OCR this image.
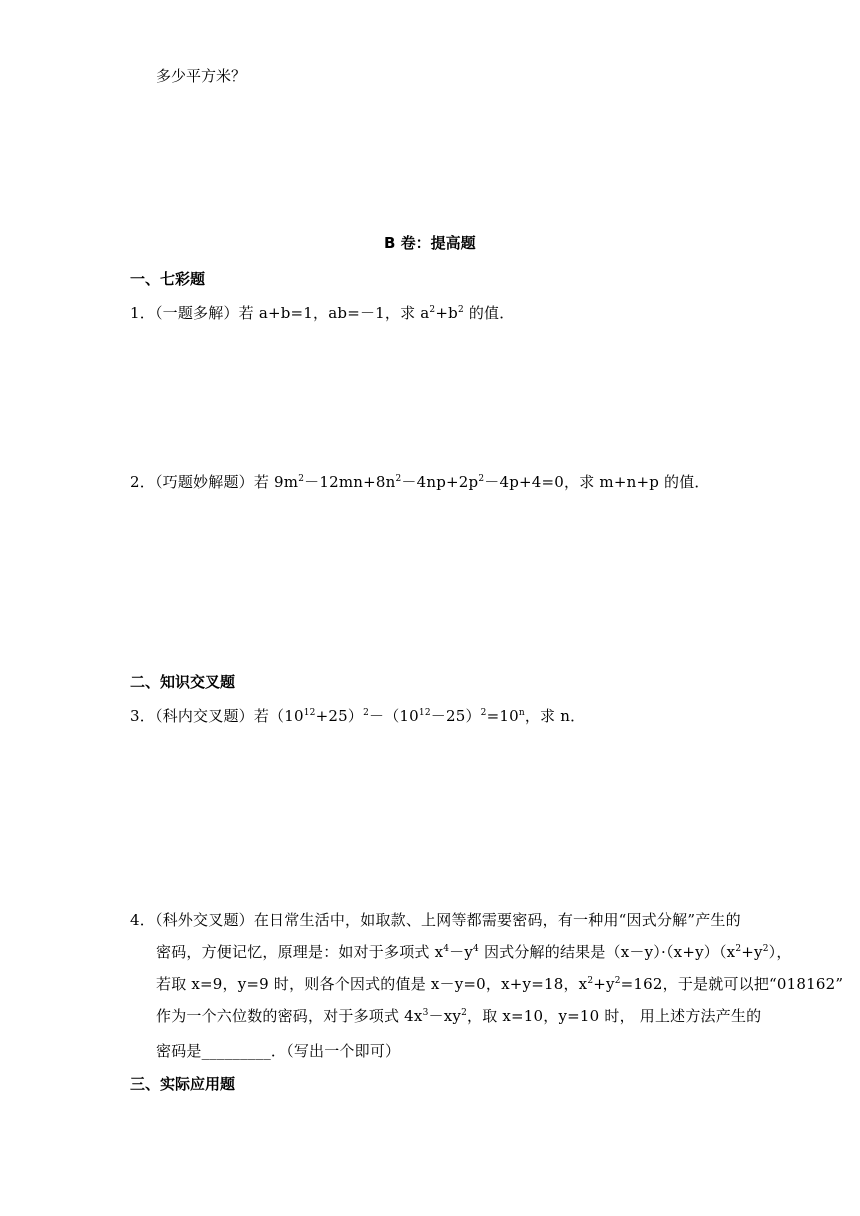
多少平方米？
B 卷：提高题
一、七彩题
1．（一题多解）若 a+b=1，ab=－1，求 $a^2+b^2$ 的值．
2．（巧题妙解题）若 $9m^2-12mn+8n^2-4np+2p^2-4p+4=0$，求 m+n+p 的值．
二、知识交叉题
3．（科内交叉题）若$(10^{12}+25)^2-(10^{12}-25)^2=10^n$，求 n．
4．（科外交叉题）在日常生活中，如取款、上网等都需要密码，有一种用“因式分解”产生的
密码，方便记忆，原理是：如对于多项式 $x^4-y^4$ 因式分解的结果是$(x-y)\cdot(x+y)(x^2+y^2)$，
若取 x=9，y=9 时，则各个因式的值是 x－y=0，x+y=18，$x^2+y^2=162$，于是就可以把“018162”
作为一个六位数的密码，对于多项式 $4x^3-xy^2$，取 x=10，y=10 时， 用上述方法产生的
密码是_________．（写出一个即可）
三、实际应用题
